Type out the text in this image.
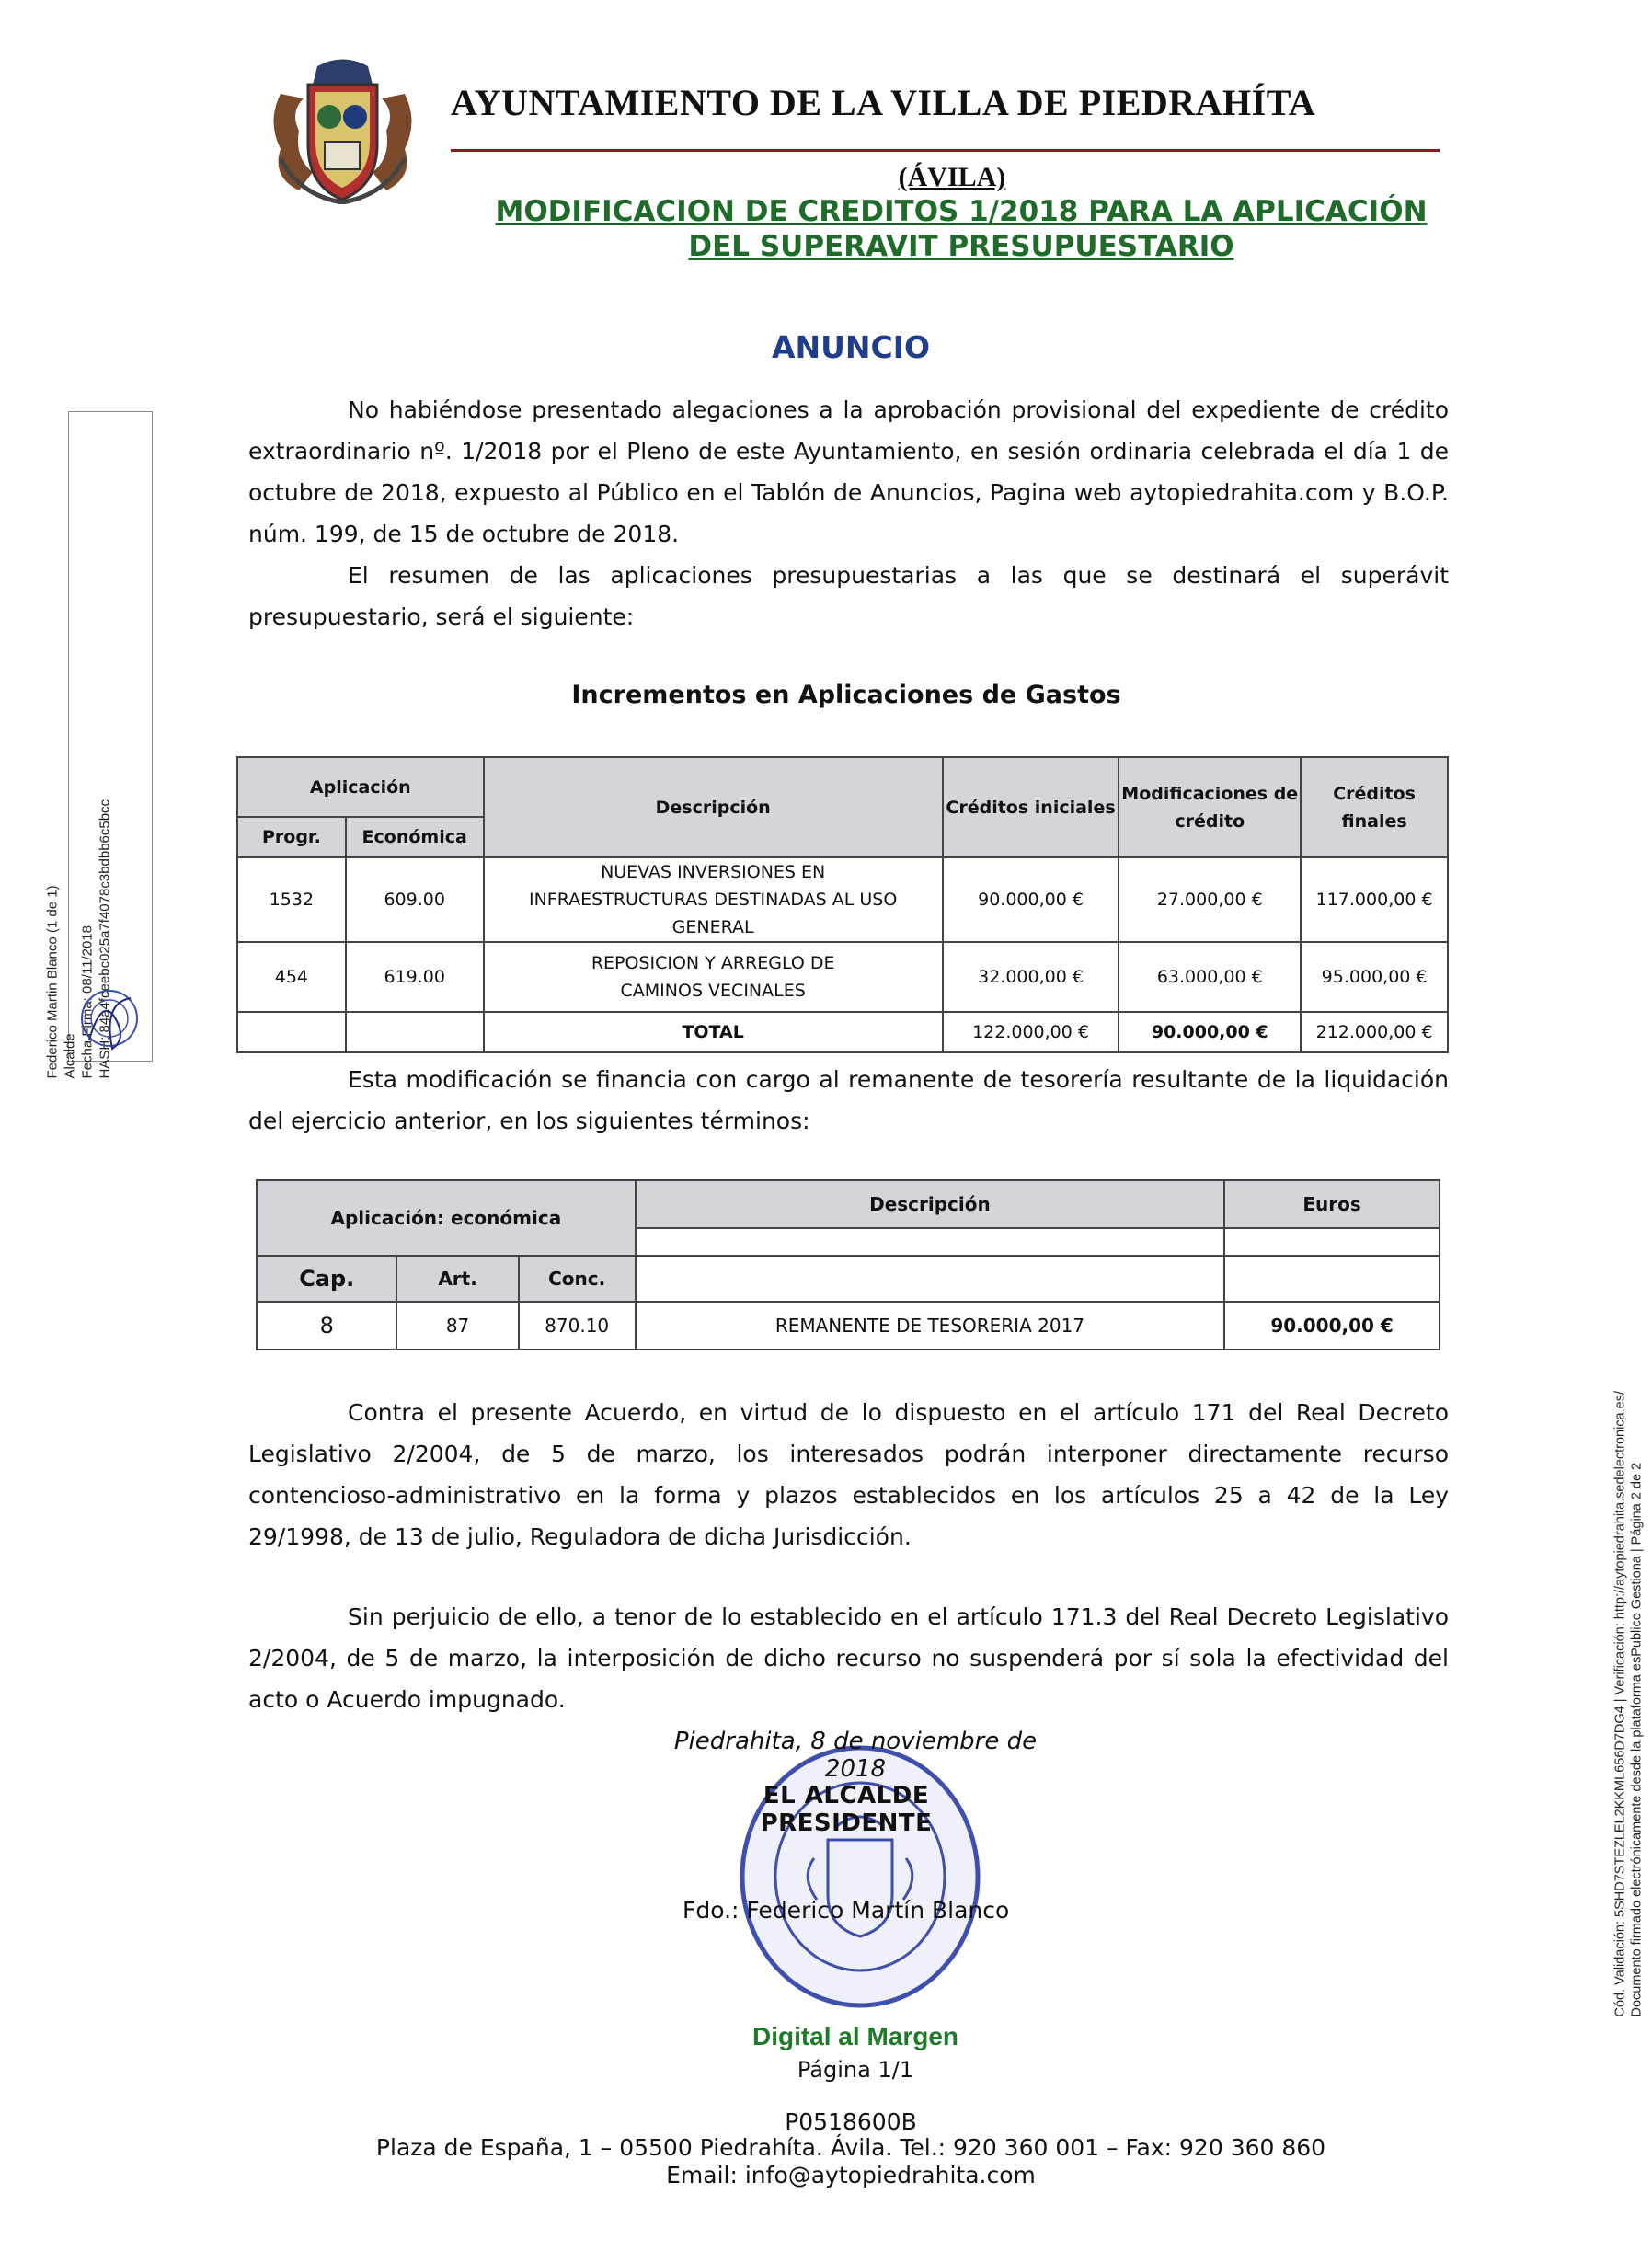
AYUNTAMIENTO DE LA VILLA DE PIEDRAHÍTA
(ÁVILA)
MODIFICACION DE CREDITOS 1/2018 PARA LA APLICACIÓN
DEL SUPERAVIT PRESUPUESTARIO
ANUNCIO
Federico Martin Blanco (1 de 1) Alcalde Fecha Firma: 08/11/2018 HASH: 84a4fceebc025a7f4078c3bdbb6c5bcc

No habiéndose presentado alegaciones a la aprobación provisional del expediente de crédito extraordinario nº. 1/2018 por el Pleno de este Ayuntamiento, en sesión ordinaria celebrada el día 1 de octubre de 2018, expuesto al Público en el Tablón de Anuncios, Pagina web aytopiedrahita.com y B.O.P. núm. 199, de 15 de octubre de 2018.

El resumen de las aplicaciones presupuestarias a las que se destinará el superávit presupuestario, será el siguiente:

Incrementos en Aplicaciones de Gastos
Aplicación		Descripción	Créditos iniciales	Modificaciones de crédito	Créditos finales
Progr.	Económica				
1532	609.00	NUEVAS INVERSIONES EN INFRAESTRUCTURAS DESTINADAS AL USO GENERAL	90.000,00 €	27.000,00 €	117.000,00 €
454	619.00	REPOSICION Y ARREGLO DE CAMINOS VECINALES	32.000,00 €	63.000,00 €	95.000,00 €
		TOTAL	122.000,00 €	90.000,00 €	212.000,00 €

Esta modificación se financia con cargo al remanente de tesorería resultante de la liquidación del ejercicio anterior, en los siguientes términos:

Aplicación: económica			Descripción	Euros

Cap.	Art.	Conc.		
8	87	870.10	REMANENTE DE TESORERIA 2017	90.000,00 €

Contra el presente Acuerdo, en virtud de lo dispuesto en el artículo 171 del Real Decreto Legislativo 2/2004, de 5 de marzo, los interesados podrán interponer directamente recurso contencioso-administrativo en la forma y plazos establecidos en los artículos 25 a 42 de la Ley 29/1998, de 13 de julio, Reguladora de dicha Jurisdicción.

Sin perjuicio de ello, a tenor de lo establecido en el artículo 171.3 del Real Decreto Legislativo 2/2004, de 5 de marzo, la interposición de dicho recurso no suspenderá por sí sola la efectividad del acto o Acuerdo impugnado.

Piedrahita, 8 de noviembre de 2018
EL ALCALDE PRESIDENTE
Fdo.: Federico Martín Blanco
Digital al Margen
Página 1/1
P0518600B
Plaza de España, 1 – 05500 Piedrahíta. Ávila. Tel.: 920 360 001 – Fax: 920 360 860
Email: info@aytopiedrahita.com
Cód. Validación: 5SHD7STEZLEL2KKML656D7DG4 | Verificación: http://aytopiedrahita.sedelectronica.es/ Documento firmado electrónicamente desde la plataforma esPublico Gestiona | Página 2 de 2
